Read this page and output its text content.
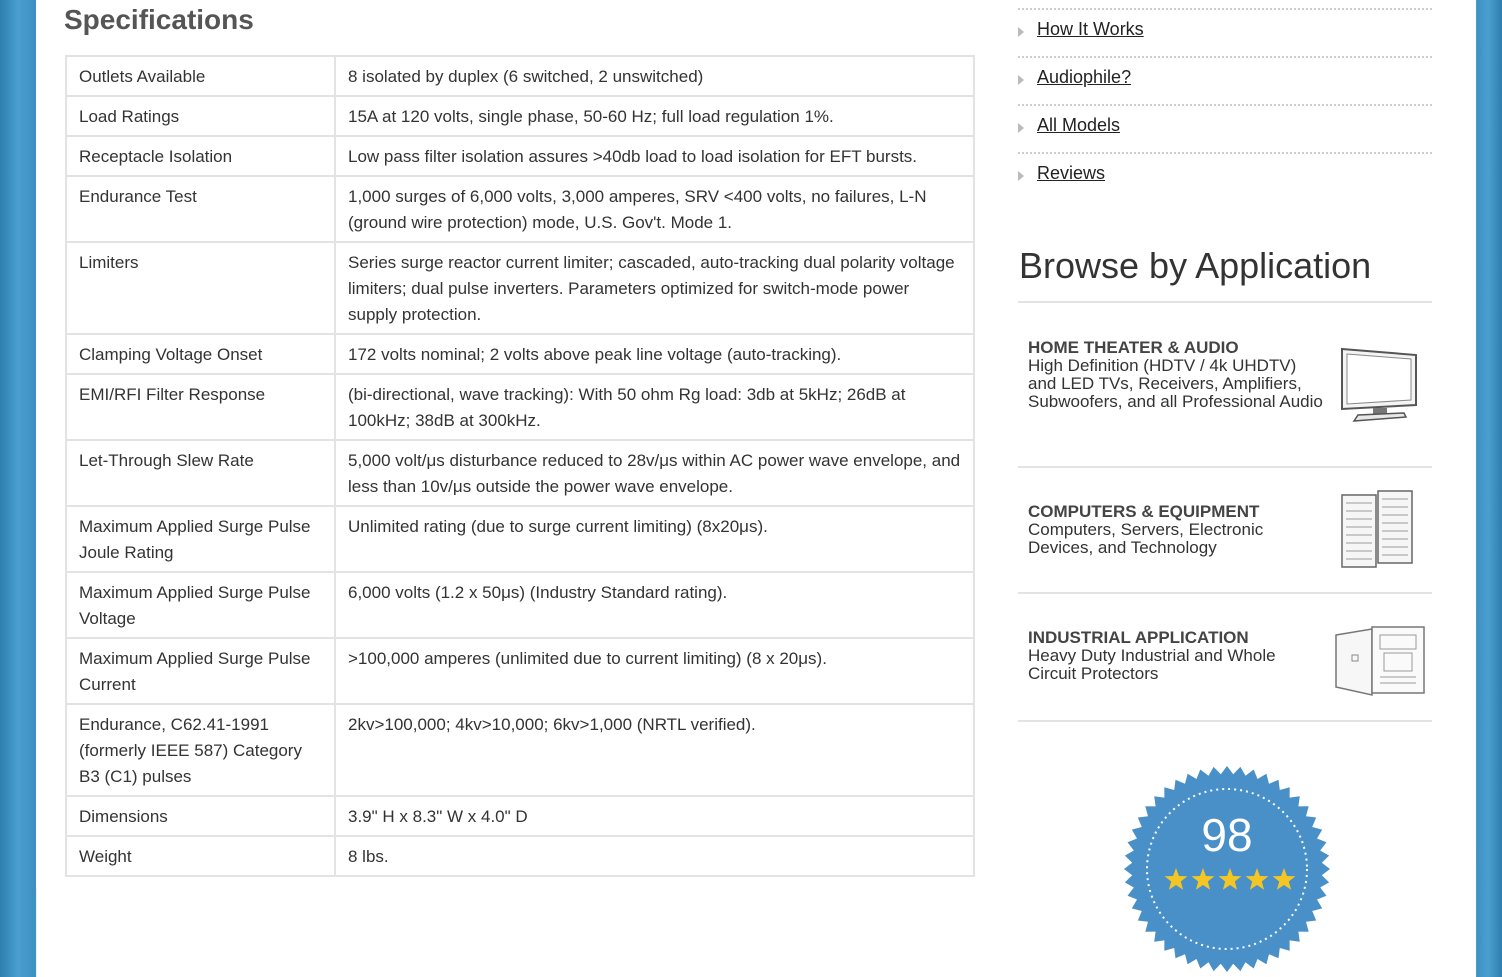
Specifications
Outlets Available	8 isolated by duplex (6 switched, 2 unswitched)
Load Ratings	15A at 120 volts, single phase, 50-60 Hz; full load regulation 1%.
Receptacle Isolation	Low pass filter isolation assures >40db load to load isolation for EFT bursts.
Endurance Test	1,000 surges of 6,000 volts, 3,000 amperes, SRV <400 volts, no failures, L-N (ground wire protection) mode, U.S. Gov't. Mode 1.
Limiters	Series surge reactor current limiter; cascaded, auto-tracking dual polarity voltage limiters; dual pulse inverters. Parameters optimized for switch-mode power supply protection.
Clamping Voltage Onset	172 volts nominal; 2 volts above peak line voltage (auto-tracking).
EMI/RFI Filter Response	(bi-directional, wave tracking): With 50 ohm Rg load: 3db at 5kHz; 26dB at 100kHz; 38dB at 300kHz.
Let-Through Slew Rate	5,000 volt/μs disturbance reduced to 28v/μs within AC power wave envelope, and less than 10v/μs outside the power wave envelope.
Maximum Applied Surge Pulse Joule Rating	Unlimited rating (due to surge current limiting) (8x20μs).
Maximum Applied Surge Pulse Voltage	6,000 volts (1.2 x 50μs) (Industry Standard rating).
Maximum Applied Surge Pulse Current	>100,000 amperes (unlimited due to current limiting) (8 x 20μs).
Endurance, C62.41-1991 (formerly IEEE 587) Category B3 (C1) pulses	2kv>100,000; 4kv>10,000; 6kv>1,000 (NRTL verified).
Dimensions	3.9" H x 8.3" W x 4.0" D
Weight	8 lbs.
How It Works
Audiophile?
All Models
Reviews
Browse by Application
HOME THEATER & AUDIO
High Definition (HDTV / 4k UHDTV) and LED TVs, Receivers, Amplifiers, Subwoofers, and all Professional Audio
COMPUTERS & EQUIPMENT
Computers, Servers, Electronic Devices, and Technology
INDUSTRIAL APPLICATION
Heavy Duty Industrial and Whole Circuit Protectors
98
